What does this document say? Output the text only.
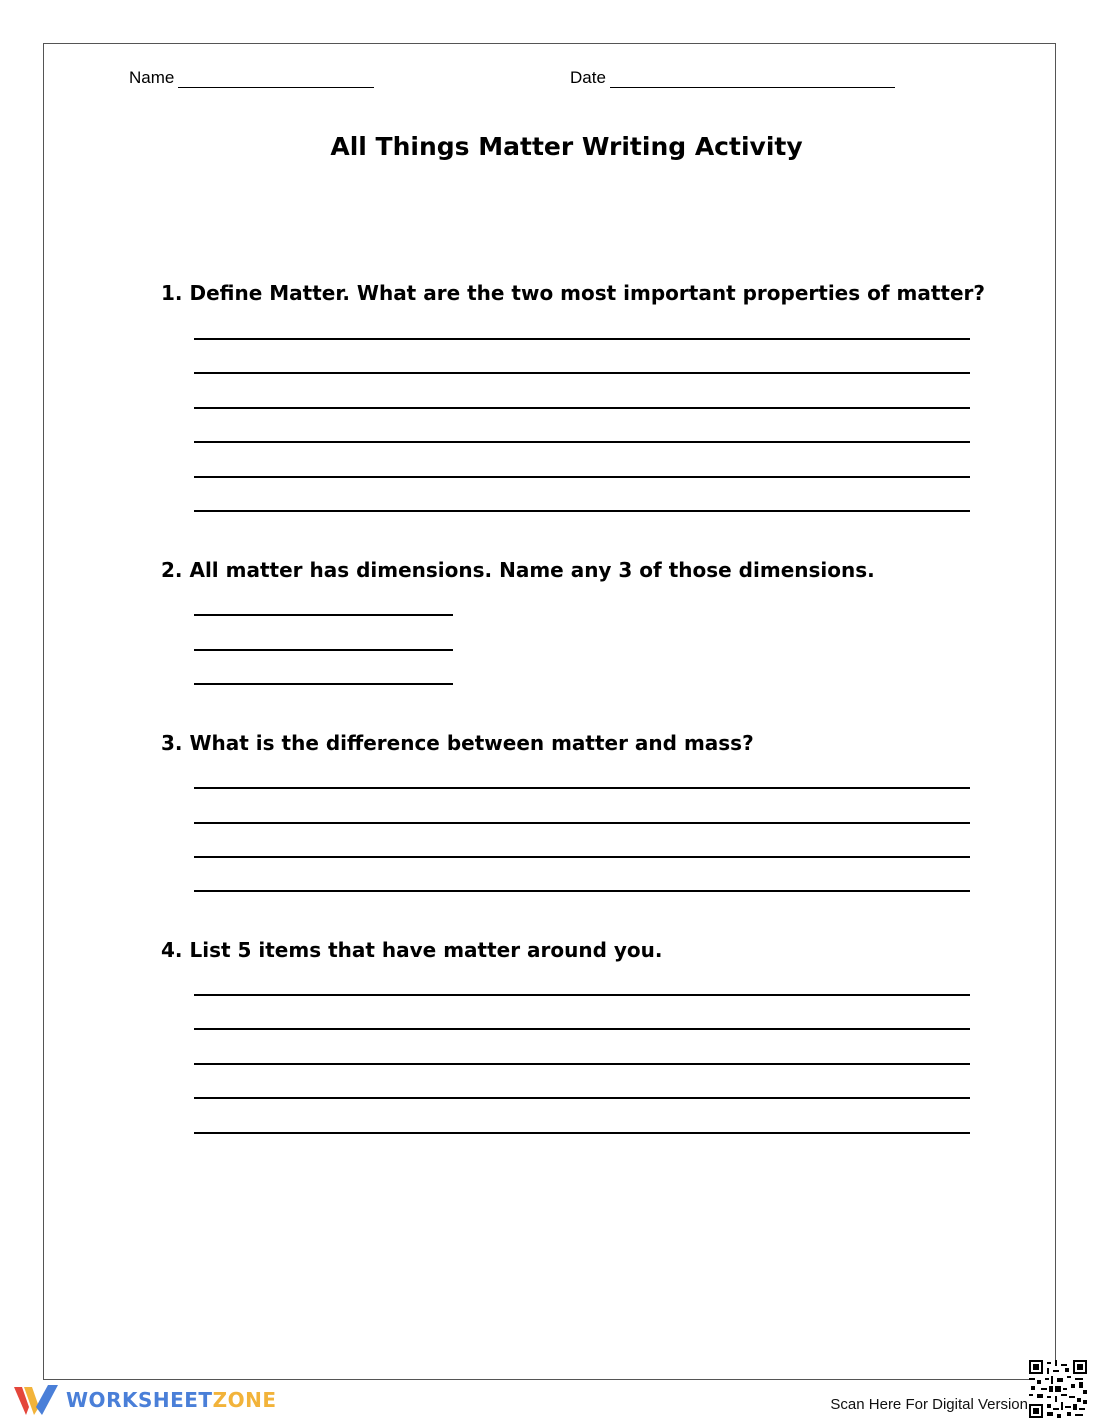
Name	Date
All Things Matter Writing Activity
1. Define Matter. What are the two most important properties of matter?
2. All matter has dimensions. Name any 3 of those dimensions.
3. What is the difference between matter and mass?
4. List 5 items that have matter around you.
WORKSHEETZONE	Scan Here For Digital Version
